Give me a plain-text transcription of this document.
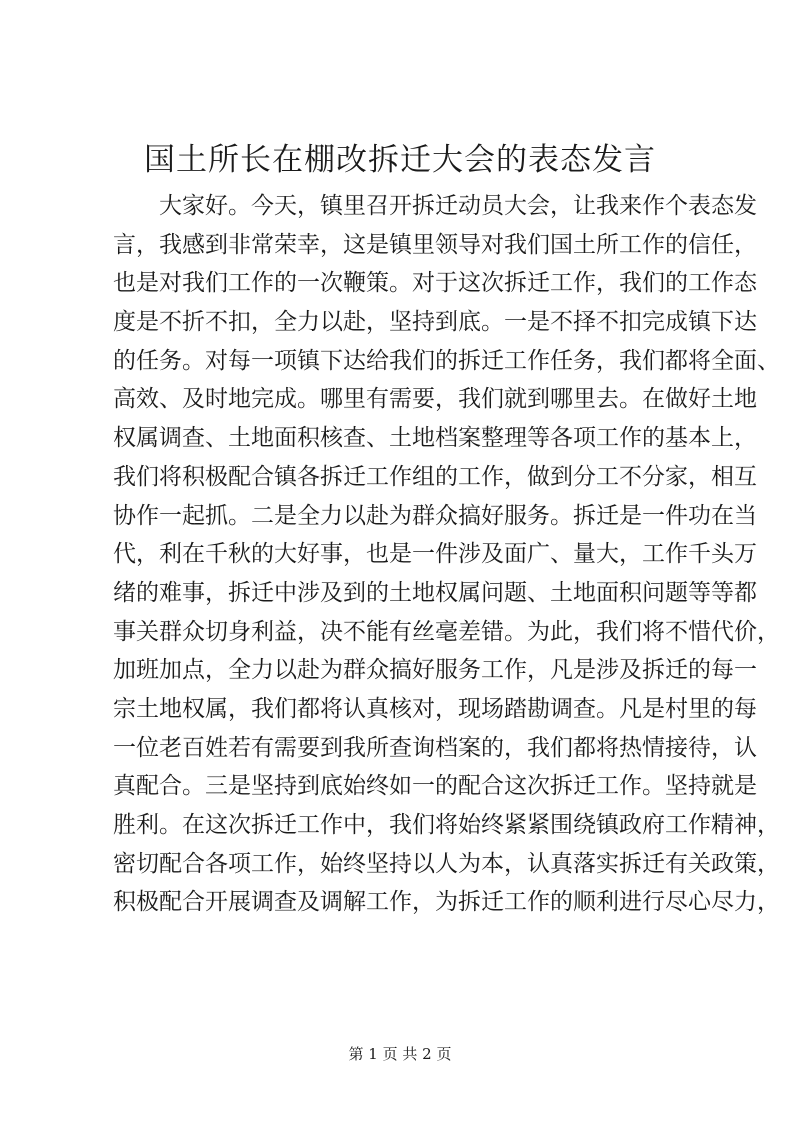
国土所长在棚改拆迁大会的表态发言
大家好。今天，镇里召开拆迁动员大会，让我来作个表态发
言，我感到非常荣幸，这是镇里领导对我们国土所工作的信任，
也是对我们工作的一次鞭策。对于这次拆迁工作，我们的工作态
度是不折不扣，全力以赴，坚持到底。一是不择不扣完成镇下达
的任务。对每一项镇下达给我们的拆迁工作任务，我们都将全面、
高效、及时地完成。哪里有需要，我们就到哪里去。在做好土地
权属调查、土地面积核查、土地档案整理等各项工作的基本上，
我们将积极配合镇各拆迁工作组的工作，做到分工不分家，相互
协作一起抓。二是全力以赴为群众搞好服务。拆迁是一件功在当
代，利在千秋的大好事，也是一件涉及面广、量大，工作千头万
绪的难事，拆迁中涉及到的土地权属问题、土地面积问题等等都
事关群众切身利益，决不能有丝毫差错。为此，我们将不惜代价，
加班加点，全力以赴为群众搞好服务工作，凡是涉及拆迁的每一
宗土地权属，我们都将认真核对，现场踏勘调查。凡是村里的每
一位老百姓若有需要到我所查询档案的，我们都将热情接待，认
真配合。三是坚持到底始终如一的配合这次拆迁工作。坚持就是
胜利。在这次拆迁工作中，我们将始终紧紧围绕镇政府工作精神，
密切配合各项工作，始终坚持以人为本，认真落实拆迁有关政策，
积极配合开展调查及调解工作，为拆迁工作的顺利进行尽心尽力，
第 1 页 共 2 页
